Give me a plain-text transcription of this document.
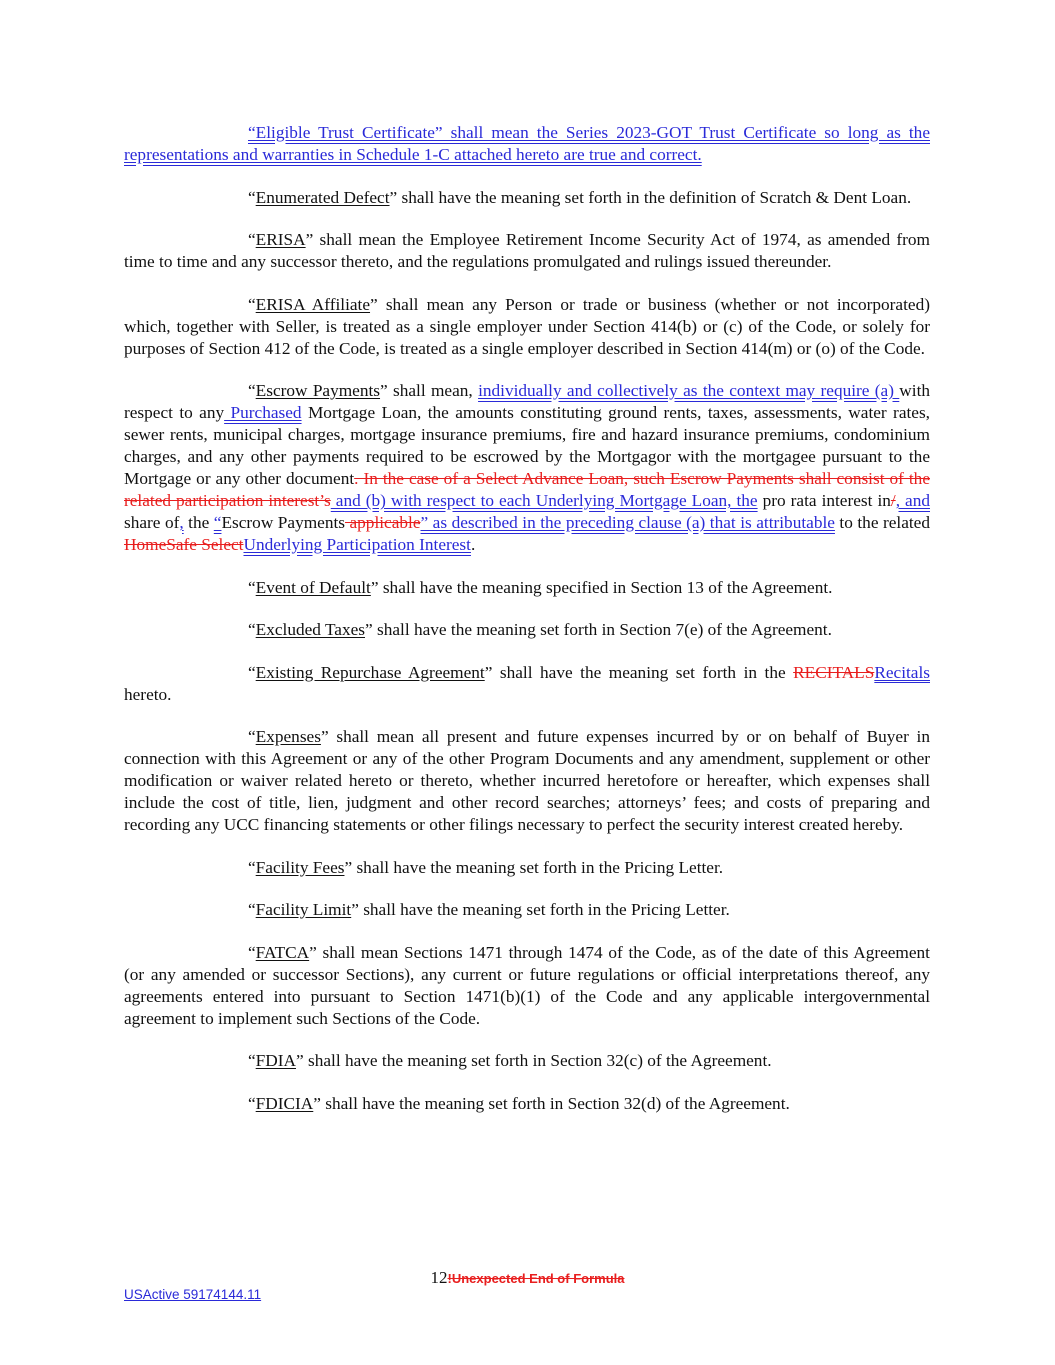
“Eligible Trust Certificate” shall mean the Series 2023-GOT Trust Certificate so long as the representations and warranties in Schedule 1-C attached hereto are true and correct.

“Enumerated Defect” shall have the meaning set forth in the definition of Scratch & Dent Loan.

“ERISA” shall mean the Employee Retirement Income Security Act of 1974, as amended from time to time and any successor thereto, and the regulations promulgated and rulings issued thereunder.

“ERISA Affiliate” shall mean any Person or trade or business (whether or not incorporated) which, together with Seller, is treated as a single employer under Section 414(b) or (c) of the Code, or solely for purposes of Section 412 of the Code, is treated as a single employer described in Section 414(m) or (o) of the Code.

“Escrow Payments” shall mean, individually and collectively as the context may require (a) with respect to any Purchased Mortgage Loan, the amounts constituting ground rents, taxes, assessments, water rates, sewer rents, municipal charges, mortgage insurance premiums, fire and hazard insurance premiums, condominium charges, and any other payments required to be escrowed by the Mortgagor with the mortgagee pursuant to the Mortgage or any other document. In the case of a Select Advance Loan, such Escrow Payments shall consist of the related participation interest’s and (b) with respect to each Underlying Mortgage Loan, the pro rata interest in/, and share of, the “Escrow Payments applicable” as described in the preceding clause (a) that is attributable to the related HomeSafe SelectUnderlying Participation Interest.

“Event of Default” shall have the meaning specified in Section 13 of the Agreement.

“Excluded Taxes” shall have the meaning set forth in Section 7(e) of the Agreement.

“Existing Repurchase Agreement” shall have the meaning set forth in the RECITALSRecitals hereto.

“Expenses” shall mean all present and future expenses incurred by or on behalf of Buyer in connection with this Agreement or any of the other Program Documents and any amendment, supplement or other modification or waiver related hereto or thereto, whether incurred heretofore or hereafter, which expenses shall include the cost of title, lien, judgment and other record searches; attorneys’ fees; and costs of preparing and recording any UCC financing statements or other filings necessary to perfect the security interest created hereby.

“Facility Fees” shall have the meaning set forth in the Pricing Letter.

“Facility Limit” shall have the meaning set forth in the Pricing Letter.

“FATCA” shall mean Sections 1471 through 1474 of the Code, as of the date of this Agreement (or any amended or successor Sections), any current or future regulations or official interpretations thereof, any agreements entered into pursuant to Section 1471(b)(1) of the Code and any applicable intergovernmental agreement to implement such Sections of the Code.

“FDIA” shall have the meaning set forth in Section 32(c) of the Agreement.

“FDICIA” shall have the meaning set forth in Section 32(d) of the Agreement.

12!Unexpected End of Formula
USActive 59174144.11
